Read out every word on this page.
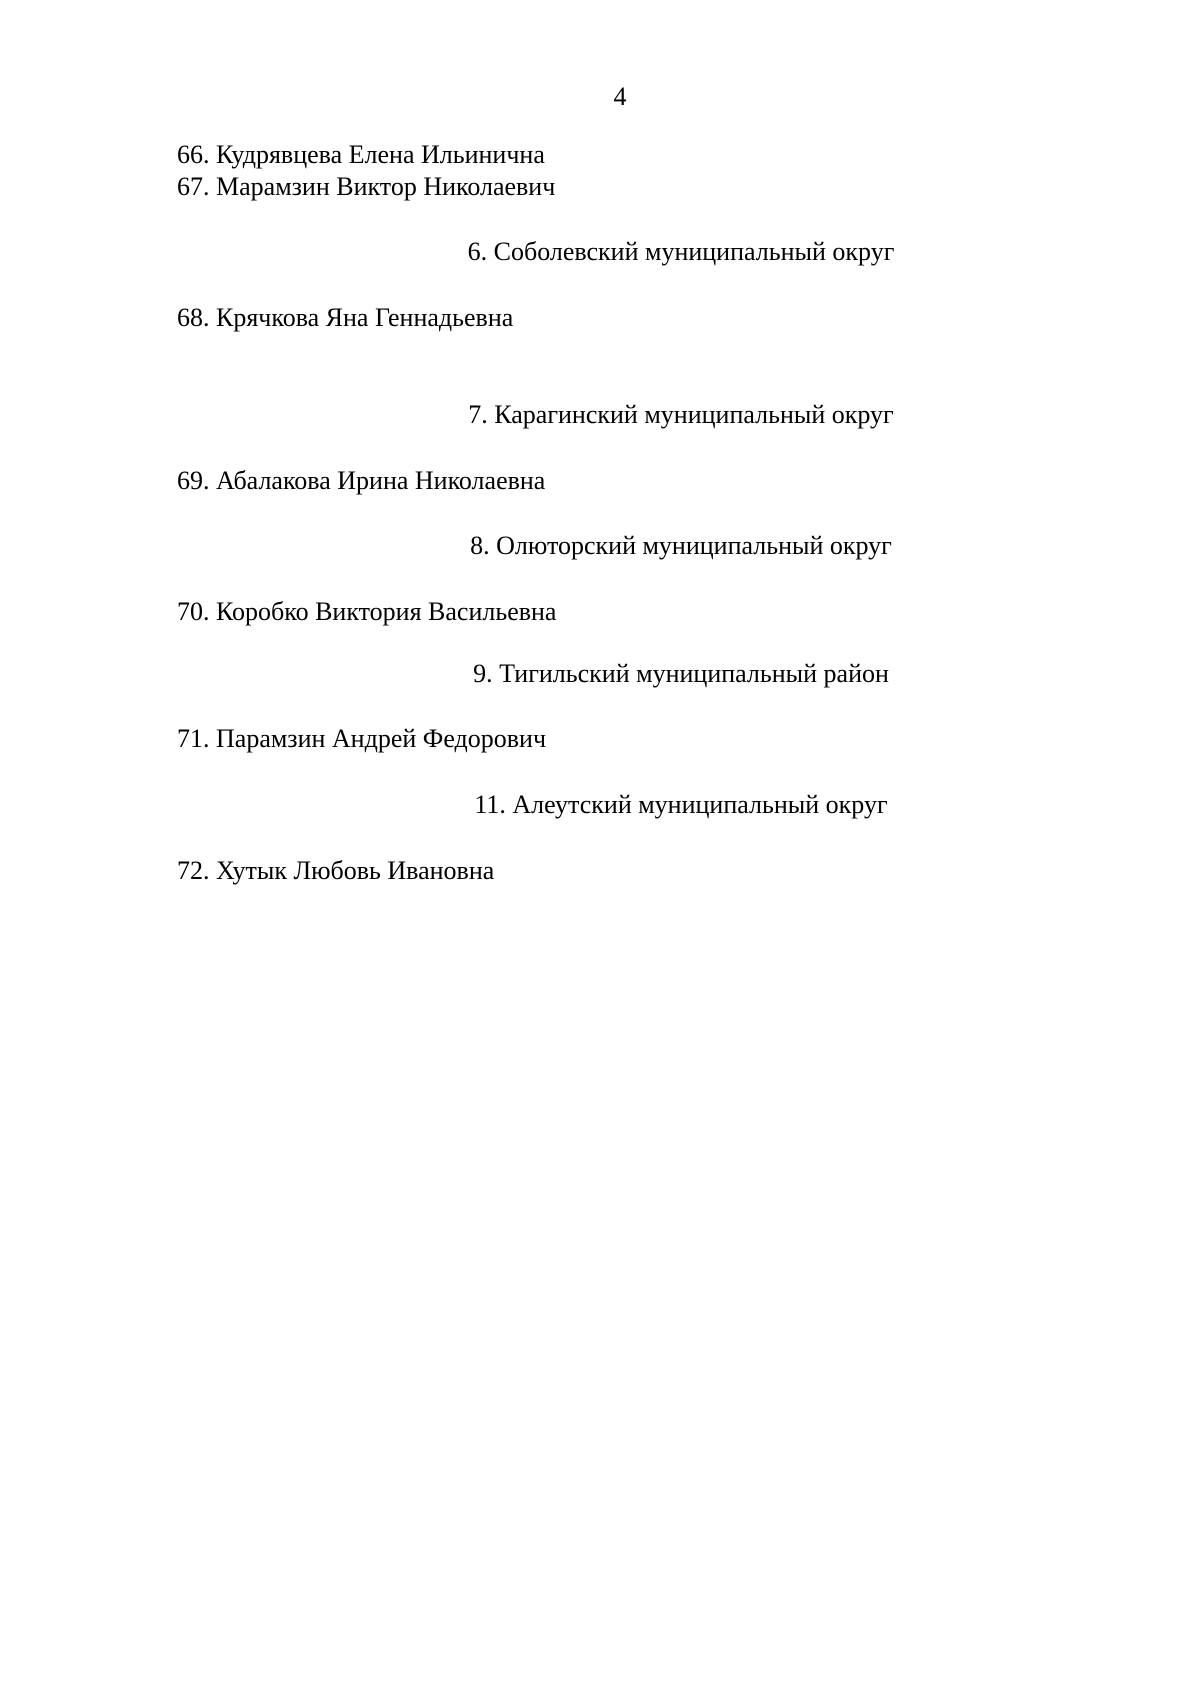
4
66. Кудрявцева Елена Ильинична
67. Марамзин Виктор Николаевич
6. Соболевский муниципальный округ
68. Крячкова Яна Геннадьевна
7. Карагинский муниципальный округ
69. Абалакова Ирина Николаевна
8. Олюторский муниципальный округ
70. Коробко Виктория Васильевна
9. Тигильский муниципальный район
71. Парамзин Андрей Федорович
11. Алеутский муниципальный округ
72. Хутык Любовь Ивановна
